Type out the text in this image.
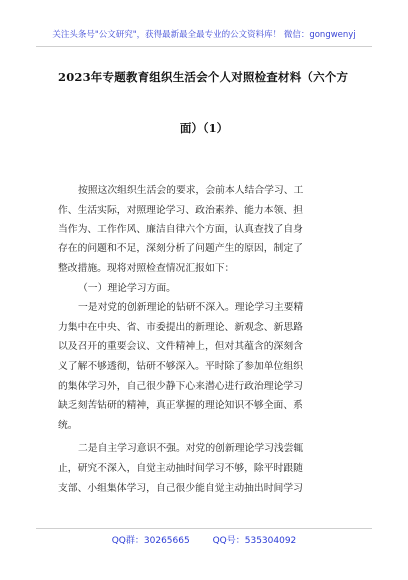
关注头条号"公文研究"，获得最新最全最专业的公文资料库！ 微信：gongwenyj
2023年专题教育组织生活会个人对照检查材料（六个方
面）（1）
按照这次组织生活会的要求，会前本人结合学习、工
作、生活实际，对照理论学习、政治素养、能力本领、担
当作为、工作作风、廉洁自律六个方面，认真查找了自身
存在的问题和不足，深刻分析了问题产生的原因，制定了
整改措施。现将对照检查情况汇报如下：
（一）理论学习方面。
一是对党的创新理论的钻研不深入。理论学习主要精
力集中在中央、省、市委提出的新理论、新观念、新思路
以及召开的重要会议、文件精神上，但对其蕴含的深刻含
义了解不够透彻，钻研不够深入。平时除了参加单位组织
的集体学习外，自己很少静下心来潜心进行政治理论学习
缺乏刻苦钻研的精神，真正掌握的理论知识不够全面、系
统。
二是自主学习意识不强。对党的创新理论学习浅尝辄
止，研究不深入，自觉主动抽时间学习不够，除平时跟随
支部、小组集体学习，自己很少能自觉主动抽出时间学习
QQ群：30265665	QQ号：535304092
